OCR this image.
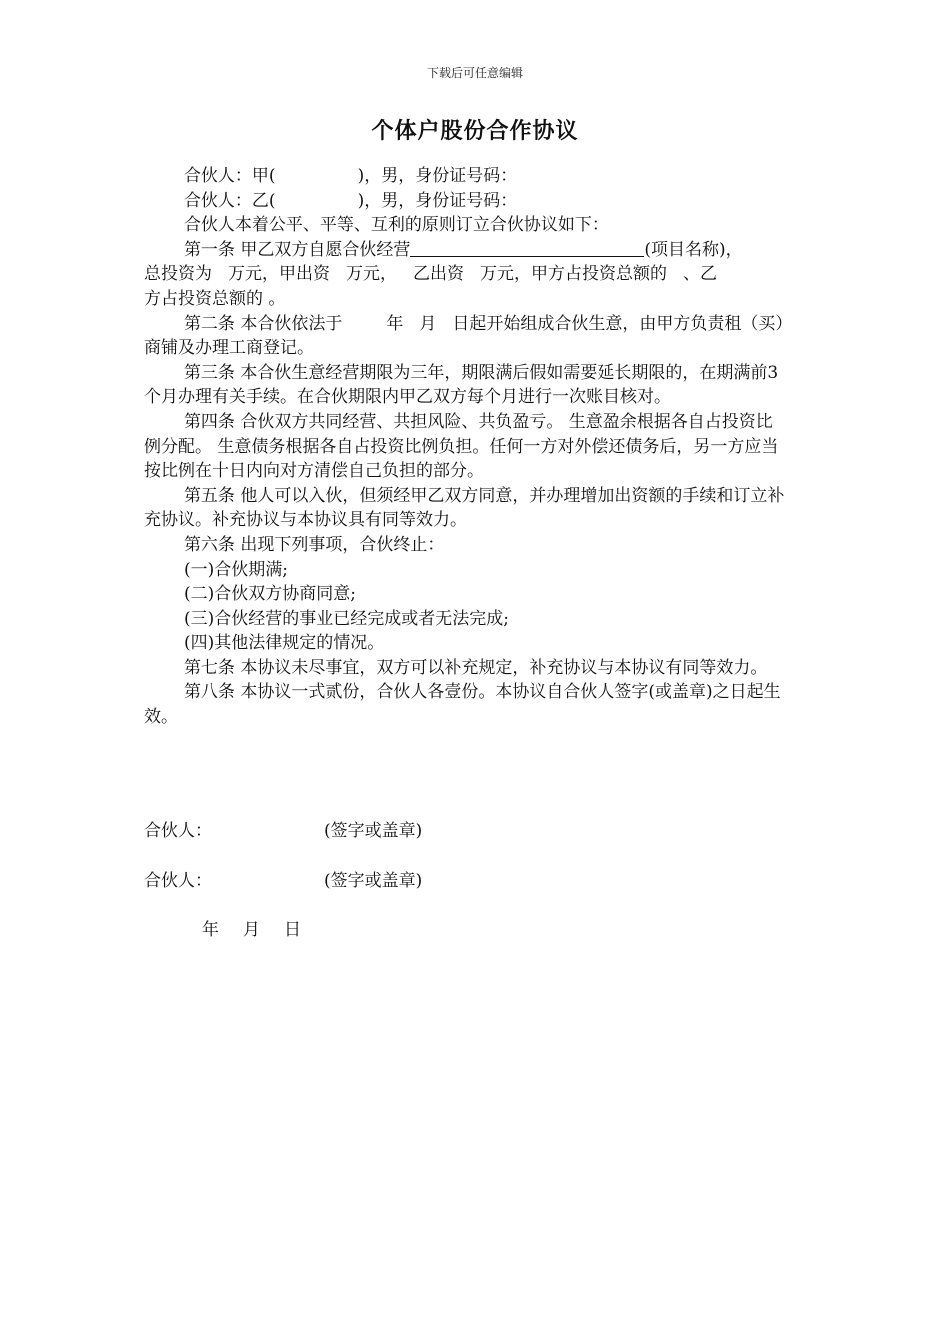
下载后可任意编辑
个体户股份合作协议

合伙人：甲(	)，男，身份证号码：

合伙人：乙(	)，男，身份证号码：

合伙人本着公平、平等、互利的原则订立合伙协议如下：

第一条 甲乙双方自愿合伙经营	(项目名称)，

总投资为 万元，甲出资 万元， 乙出资 万元，甲方占投资总额的 、乙

方占投资总额的 。

第二条 本合伙依法于	年 月 日起开始组成合伙生意，由甲方负责租（买）商铺及办理工商登记。

第三条 本合伙生意经营期限为三年，期限满后假如需要延长期限的，在期满前3个月办理有关手续。在合伙期限内甲乙双方每个月进行一次账目核对。

第四条 合伙双方共同经营、共担风险、共负盈亏。 生意盈余根据各自占投资比例分配。 生意债务根据各自占投资比例负担。任何一方对外偿还债务后，另一方应当按比例在十日内向对方清偿自己负担的部分。

第五条 他人可以入伙，但须经甲乙双方同意，并办理增加出资额的手续和订立补充协议。补充协议与本协议具有同等效力。

第六条 出现下列事项，合伙终止：

(一)合伙期满;

(二)合伙双方协商同意;

(三)合伙经营的事业已经完成或者无法完成;

(四)其他法律规定的情况。

第七条 本协议未尽事宜，双方可以补充规定，补充协议与本协议有同等效力。

第八条 本协议一式贰份，合伙人各壹份。本协议自合伙人签字(或盖章)之日起生效。

合伙人：	(签字或盖章)
合伙人：	(签字或盖章)
年 月 日
